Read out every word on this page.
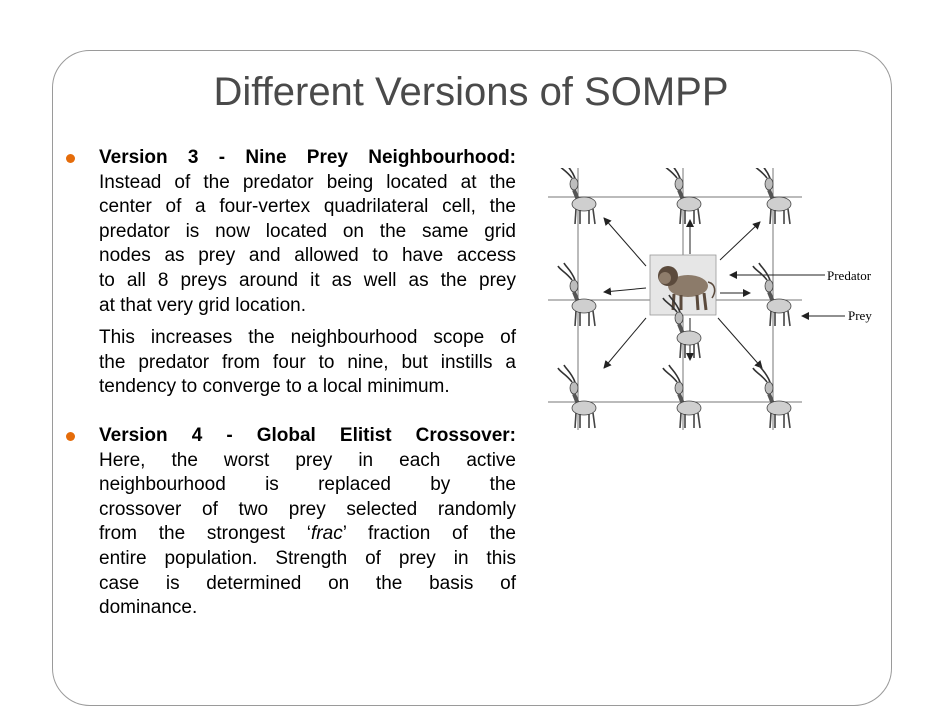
Different Versions of SOMPP
Version 3 - Nine Prey Neighbourhood:
Instead of the predator being located at the
center of a four-vertex quadrilateral cell, the
predator is now located on the same grid
nodes as prey and allowed to have access
to all 8 preys around it as well as the prey
at that very grid location.
This increases the neighbourhood scope of
the predator from four to nine, but instills a
tendency to converge to a local minimum.
Version 4 - Global Elitist Crossover:
Here, the worst prey in each active
neighbourhood is replaced by the
crossover of two prey selected randomly
from the strongest ‘frac’ fraction of the
entire population. Strength of prey in this
case is determined on the basis of
dominance.
Predator
Prey
